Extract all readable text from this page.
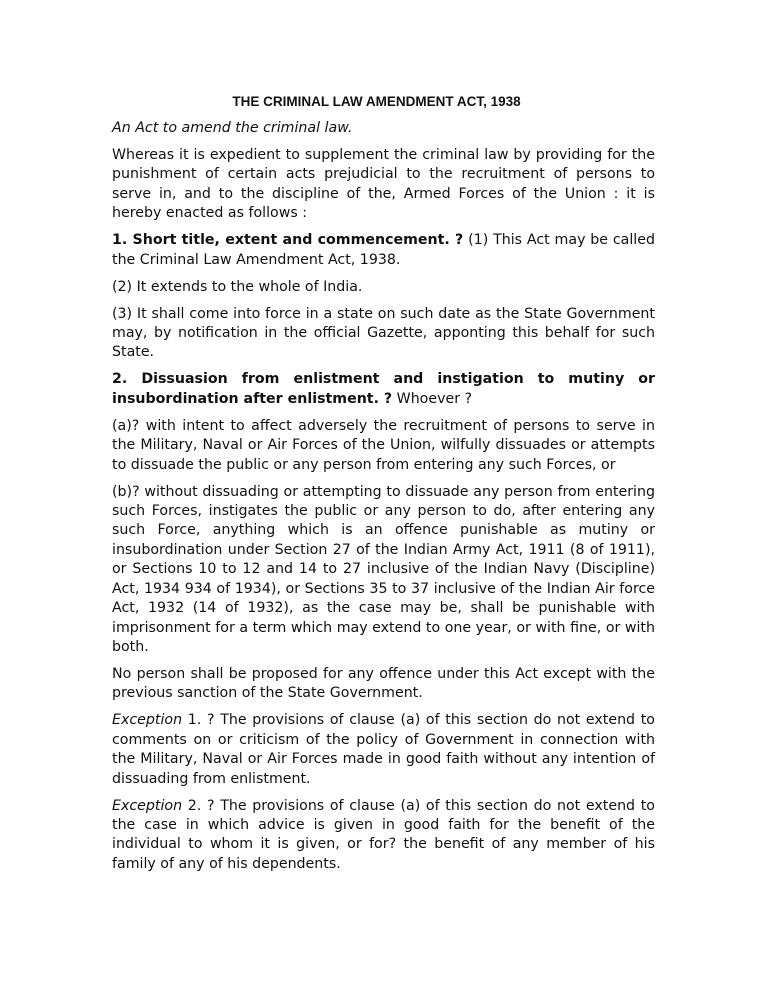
THE CRIMINAL LAW AMENDMENT ACT, 1938

An Act to amend the criminal law.

Whereas it is expedient to supplement the criminal law by providing for the punishment of certain acts prejudicial to the recruitment of persons to serve in, and to the discipline of the, Armed Forces of the Union : it is hereby enacted as follows :

1. Short title, extent and commencement. ? (1) This Act may be called the Criminal Law Amendment Act, 1938.

(2) It extends to the whole of India.

(3) It shall come into force in a state on such date as the State Government may, by notification in the official Gazette, apponting this behalf for such State.

2. Dissuasion from enlistment and instigation to mutiny or insubordination after enlistment. ? Whoever ?

(a)? with intent to affect adversely the recruitment of persons to serve in the Military, Naval or Air Forces of the Union, wilfully dissuades or attempts to dissuade the public or any person from entering any such Forces, or

(b)? without dissuading or attempting to dissuade any person from entering such Forces, instigates the public or any person to do, after entering any such Force, anything which is an offence punishable as mutiny or insubordination under Section 27 of the Indian Army Act, 1911 (8 of 1911), or Sections 10 to 12 and 14 to 27 inclusive of the Indian Navy (Discipline) Act, 1934 934 of 1934), or Sections 35 to 37 inclusive of the Indian Air force Act, 1932 (14 of 1932), as the case may be, shall be punishable with imprisonment for a term which may extend to one year, or with fine, or with both.

No person shall be proposed for any offence under this Act except with the previous sanction of the State Government.

Exception 1. ? The provisions of clause (a) of this section do not extend to comments on or criticism of the policy of Government in connection with the Military, Naval or Air Forces made in good faith without any intention of dissuading from enlistment.

Exception 2. ? The provisions of clause (a) of this section do not extend to the case in which advice is given in good faith for the benefit of the individual to whom it is given, or for? the benefit of any member of his family of any of his dependents.
